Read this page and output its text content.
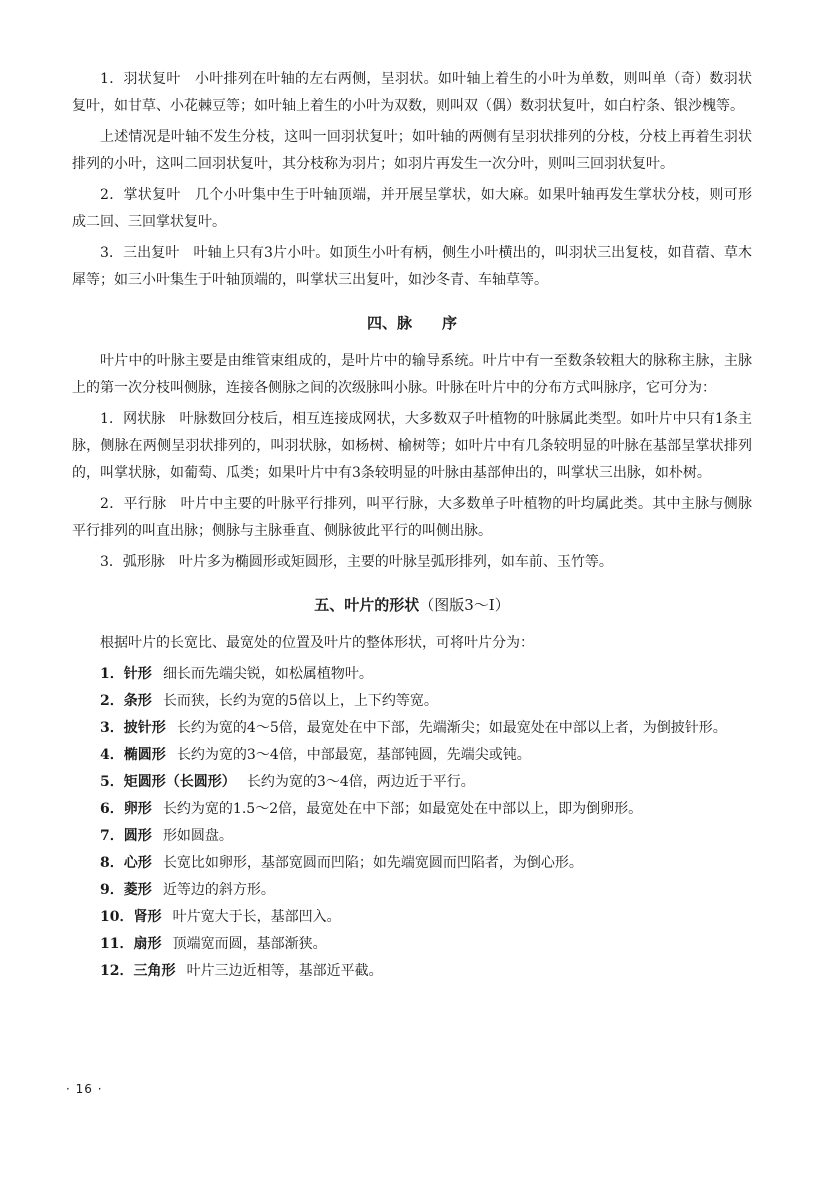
1．羽状复叶　小叶排列在叶轴的左右两侧，呈羽状。如叶轴上着生的小叶为单数，则叫单（奇）数羽状复叶，如甘草、小花棘豆等；如叶轴上着生的小叶为双数，则叫双（偶）数羽状复叶，如白柠条、银沙槐等。

上述情况是叶轴不发生分枝，这叫一回羽状复叶；如叶轴的两侧有呈羽状排列的分枝，分枝上再着生羽状排列的小叶，这叫二回羽状复叶，其分枝称为羽片；如羽片再发生一次分叶，则叫三回羽状复叶。

2．掌状复叶　几个小叶集中生于叶轴顶端，并开展呈掌状，如大麻。如果叶轴再发生掌状分枝，则可形成二回、三回掌状复叶。

3．三出复叶　叶轴上只有3片小叶。如顶生小叶有柄，侧生小叶横出的，叫羽状三出复枝，如苜蓿、草木犀等；如三小叶集生于叶轴顶端的，叫掌状三出复叶，如沙冬青、车轴草等。

四、脉　　序

叶片中的叶脉主要是由维管束组成的，是叶片中的输导系统。叶片中有一至数条较粗大的脉称主脉，主脉上的第一次分枝叫侧脉，连接各侧脉之间的次级脉叫小脉。叶脉在叶片中的分布方式叫脉序，它可分为：

1．网状脉　叶脉数回分枝后，相互连接成网状，大多数双子叶植物的叶脉属此类型。如叶片中只有1条主脉，侧脉在两侧呈羽状排列的，叫羽状脉，如杨树、榆树等；如叶片中有几条较明显的叶脉在基部呈掌状排列的，叫掌状脉，如葡萄、瓜类；如果叶片中有3条较明显的叶脉由基部伸出的，叫掌状三出脉，如朴树。

2．平行脉　叶片中主要的叶脉平行排列，叫平行脉，大多数单子叶植物的叶均属此类。其中主脉与侧脉平行排列的叫直出脉；侧脉与主脉垂直、侧脉彼此平行的叫侧出脉。

3．弧形脉　叶片多为椭圆形或矩圆形，主要的叶脉呈弧形排列，如车前、玉竹等。

五、叶片的形状（图版3～Ⅰ）

根据叶片的长宽比、最宽处的位置及叶片的整体形状，可将叶片分为：

1．针形 细长而先端尖锐，如松属植物叶。
2．条形 长而狭，长约为宽的5倍以上，上下约等宽。
3．披针形 长约为宽的4～5倍，最宽处在中下部，先端渐尖；如最宽处在中部以上者，为倒披针形。
4．椭圆形 长约为宽的3～4倍，中部最宽，基部钝圆，先端尖或钝。
5．矩圆形（长圆形） 长约为宽的3～4倍，两边近于平行。
6．卵形 长约为宽的1.5～2倍，最宽处在中下部；如最宽处在中部以上，即为倒卵形。
7．圆形 形如圆盘。
8．心形 长宽比如卵形，基部宽圆而凹陷；如先端宽圆而凹陷者，为倒心形。
9．菱形 近等边的斜方形。
10．肾形 叶片宽大于长，基部凹入。
11．扇形 顶端宽而圆，基部渐狭。
12．三角形 叶片三边近相等，基部近平截。
· 16 ·
